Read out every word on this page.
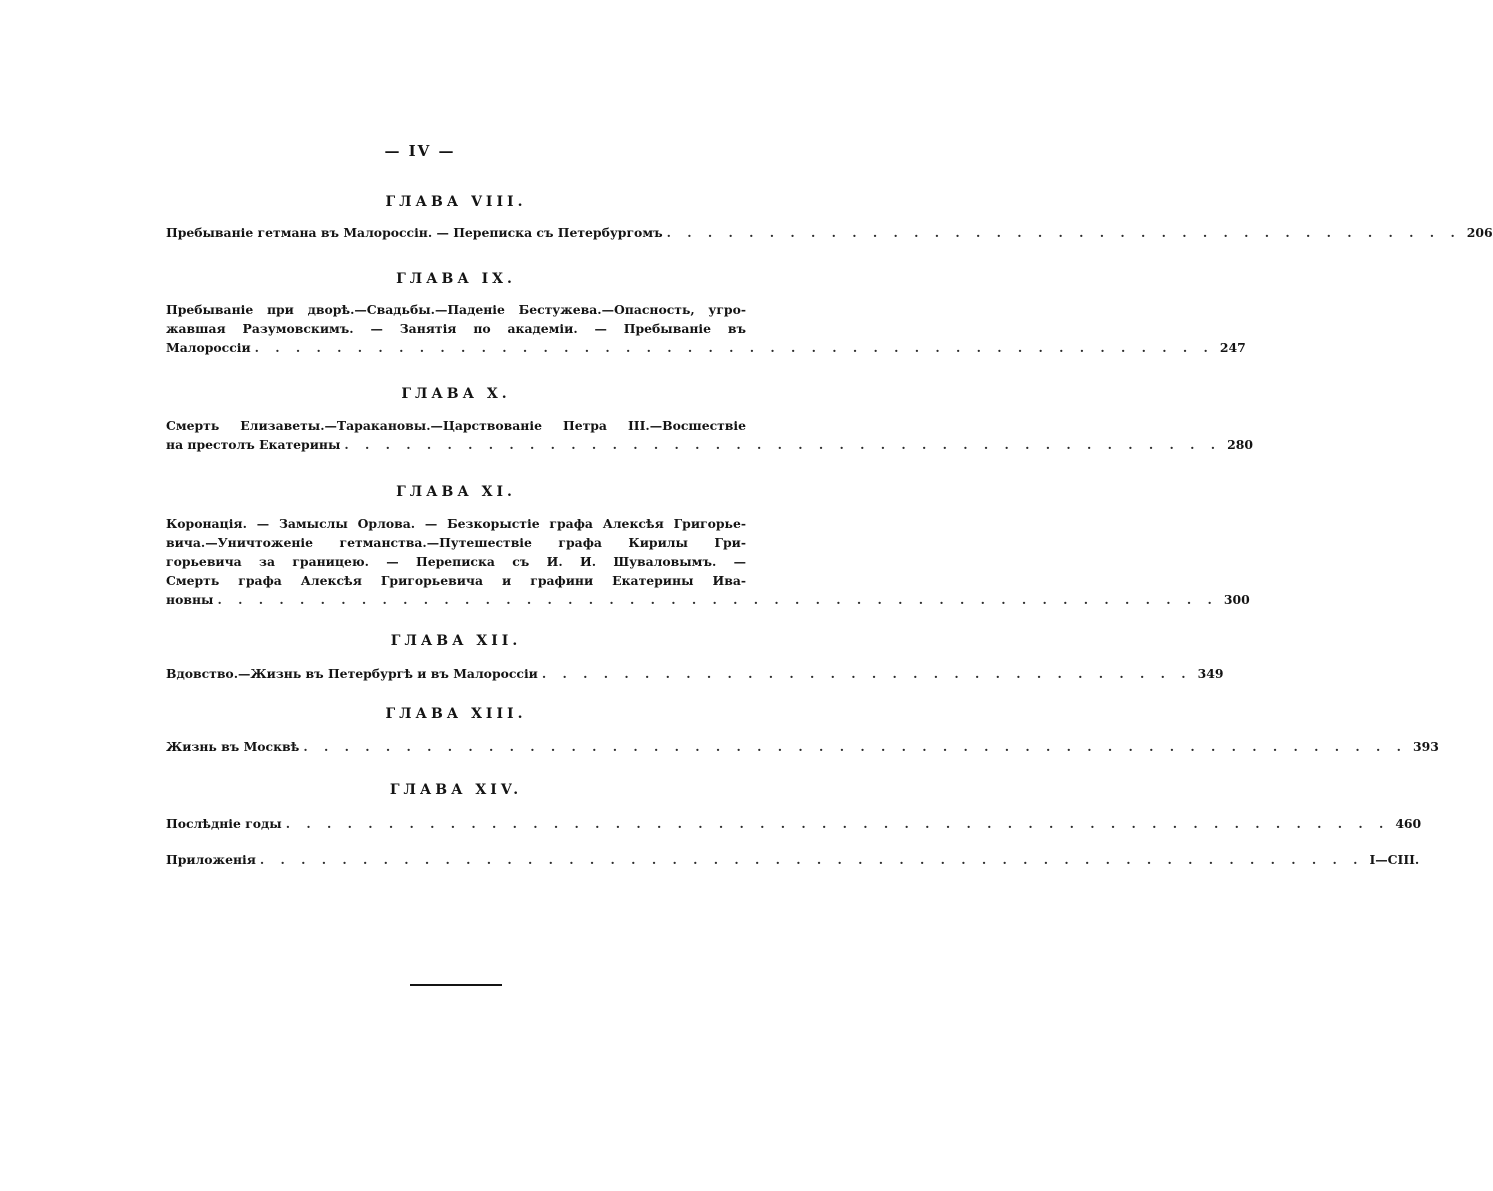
— IV —
ГЛАВА VIII.
Пребываніе гетмана въ Малороссін. — Переписка съ Петербургомъ . . . . . . . . . . . . . . . . . . . . . . . . . . . . . . . . . . . . . . . 206
ГЛАВА IX.
Пребываніе при дворѣ.—Свадьбы.—Паденіе Бестужева.—Опасность, угро-
жавшая Разумовскимъ. — Занятія по академіи. — Пребываніе въ
Малороссіи . . . . . . . . . . . . . . . . . . . . . . . . . . . . . . . . . . . . . . . . . . . . . . . 247
ГЛАВА X.
Смерть Елизаветы.—Таракановы.—Царствованіе Петра III.—Восшествіе
на престолъ Екатерины . . . . . . . . . . . . . . . . . . . . . . . . . . . . . . . . . . . . . . . . . . . 280
ГЛАВА XI.
Коронація. — Замыслы Орлова. — Безкорыстіе графа Алексѣя Григорье-
вича.—Уничтоженіе гетманства.—Путешествіе графа Кирилы Гри-
горьевича за границею. — Переписка съ И. И. Шуваловымъ. —
Смерть графа Алексѣя Григорьевича и графини Екатерины Ива-
новны . . . . . . . . . . . . . . . . . . . . . . . . . . . . . . . . . . . . . . . . . . . . . . . . . 300
ГЛАВА XII.
Вдовство.—Жизнь въ Петербургѣ и въ Малороссіи . . . . . . . . . . . . . . . . . . . . . . . . . . . . . . . . 349
ГЛАВА XIII.
Жизнь въ Москвѣ . . . . . . . . . . . . . . . . . . . . . . . . . . . . . . . . . . . . . . . . . . . . . . . . . . . . . . 393
ГЛАВА XIV.
Послѣдніе годы . . . . . . . . . . . . . . . . . . . . . . . . . . . . . . . . . . . . . . . . . . . . . . . . . . . . . . 460
Приложенія . . . . . . . . . . . . . . . . . . . . . . . . . . . . . . . . . . . . . . . . . . . . . . . . . . . . . . I—CIII.
